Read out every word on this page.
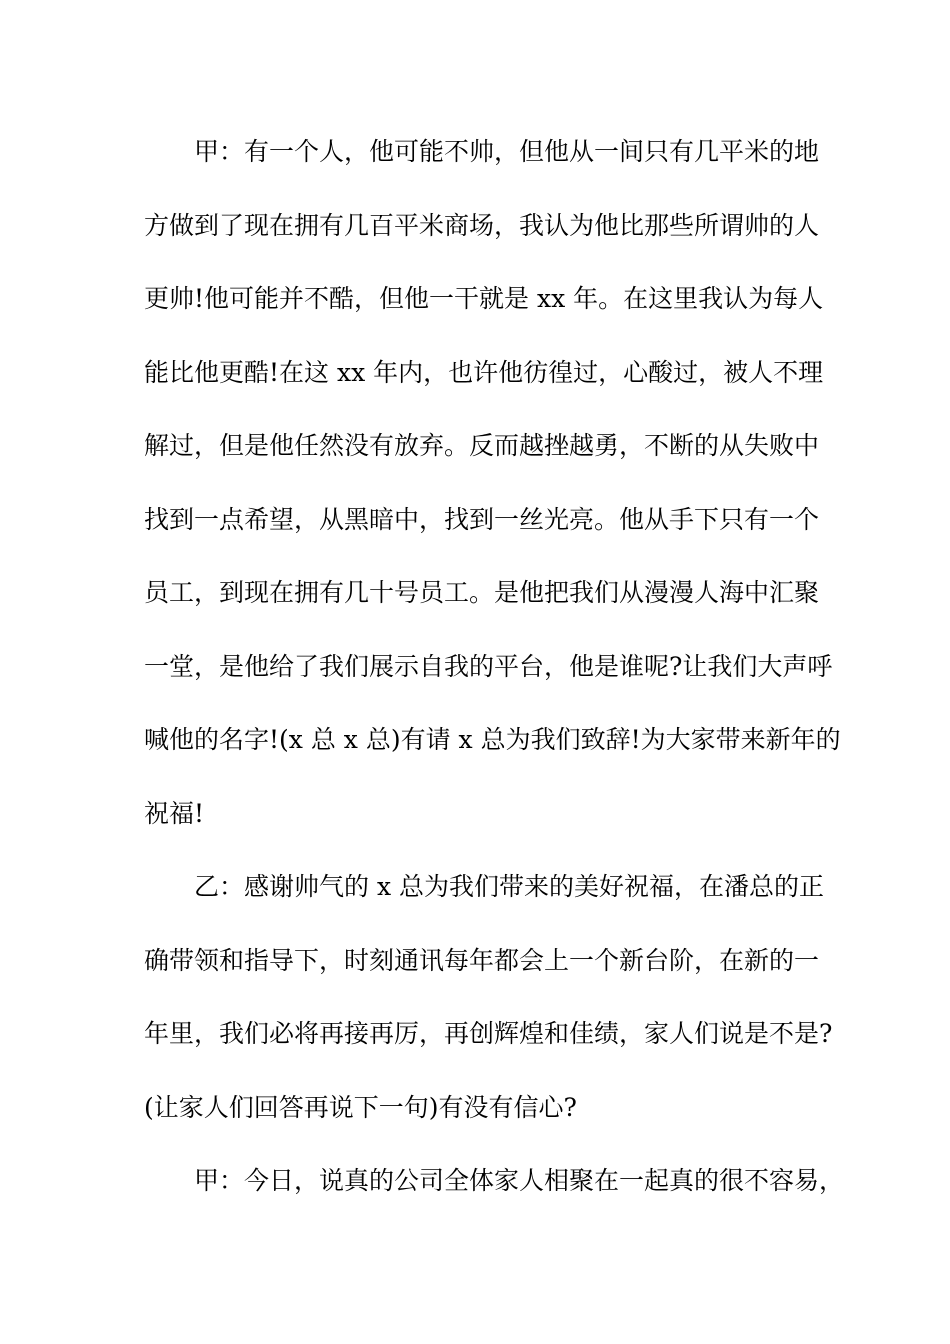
　　甲：有一个人，他可能不帅，但他从一间只有几平米的地
方做到了现在拥有几百平米商场，我认为他比那些所谓帅的人
更帅!他可能并不酷，但他一干就是 xx 年。在这里我认为每人
能比他更酷!在这 xx 年内，也许他彷徨过，心酸过，被人不理
解过，但是他任然没有放弃。反而越挫越勇，不断的从失败中
找到一点希望，从黑暗中，找到一丝光亮。他从手下只有一个
员工，到现在拥有几十号员工。是他把我们从漫漫人海中汇聚
一堂，是他给了我们展示自我的平台，他是谁呢?让我们大声呼
喊他的名字!(x 总 x 总)有请 x 总为我们致辞!为大家带来新年的
祝福!
　　乙：感谢帅气的 x 总为我们带来的美好祝福，在潘总的正
确带领和指导下，时刻通讯每年都会上一个新台阶，在新的一
年里，我们必将再接再厉，再创辉煌和佳绩，家人们说是不是?
(让家人们回答再说下一句)有没有信心?
　　甲：今日，说真的公司全体家人相聚在一起真的很不容易，
